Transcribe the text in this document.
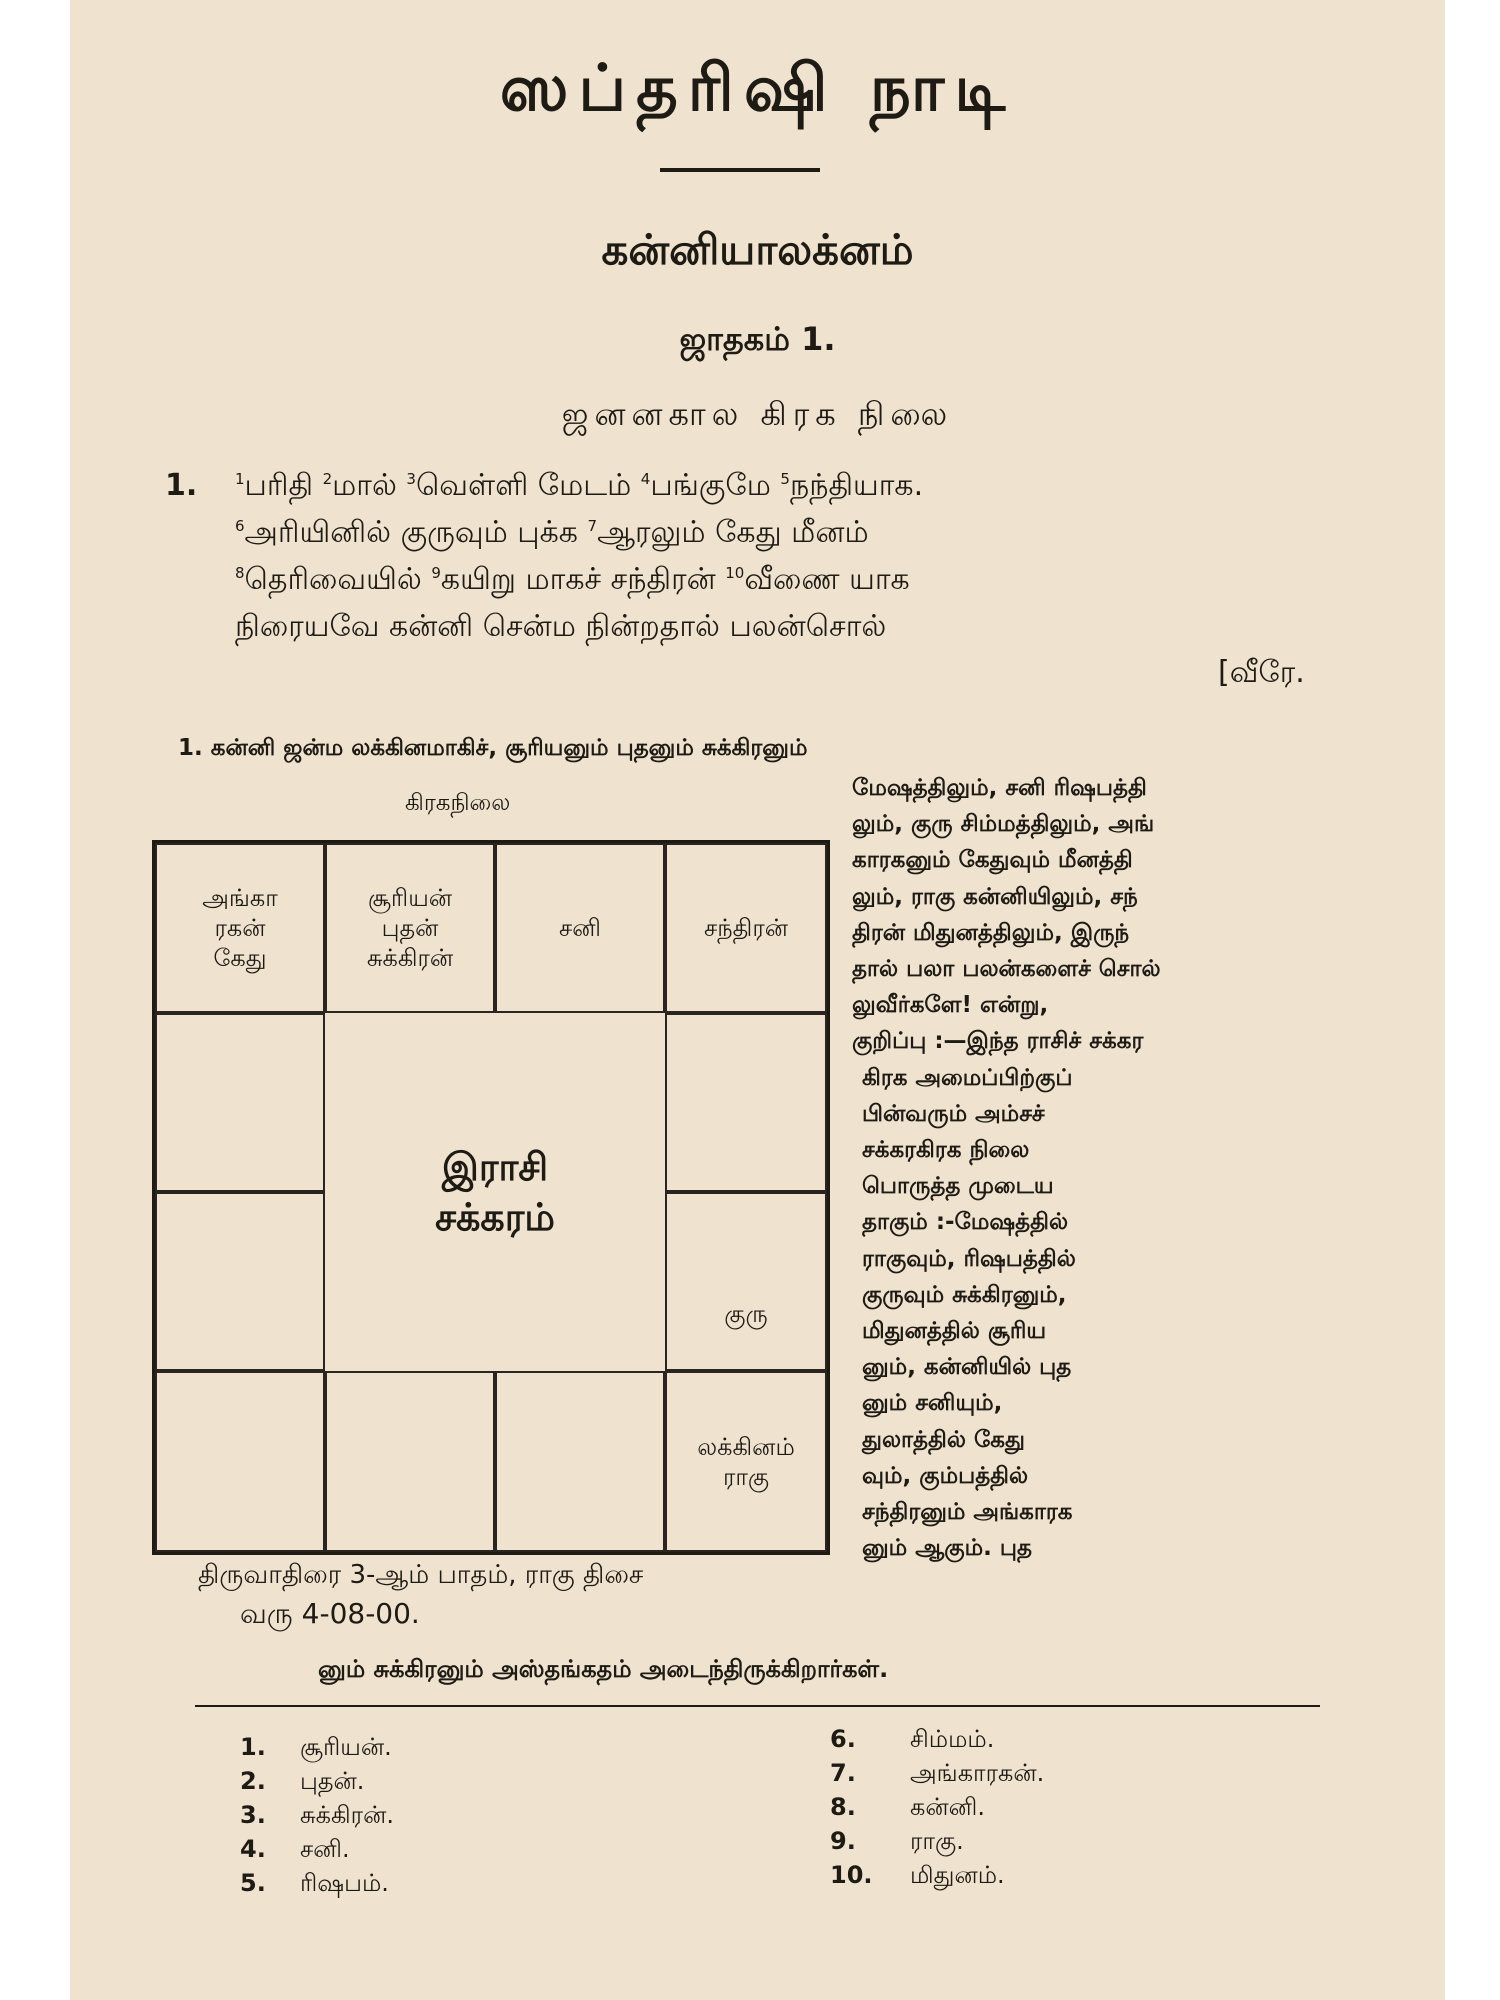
ஸப்தரிஷி நாடி
கன்னியாலக்னம்
ஜாதகம் 1.
ஜனனகால கிரக நிலை
1.	$^1$பரிதி $^2$மால் $^3$வெள்ளி மேடம் $^4$பங்குமே $^5$நந்தியாக.
$^6$அரியினில் குருவும் புக்க $^7$ஆரலும் கேது மீனம்
$^8$தெரிவையில் $^9$கயிறு மாகச் சந்திரன் $^{10}$வீணை யாக
நிரையவே கன்னி சென்ம நின்றதால் பலன்சொல்
[வீரே.
1. கன்னி ஜன்ம லக்கினமாகிச், சூரியனும் புதனும் சுக்கிரனும்
மேஷத்திலும், சனி ரிஷபத்தி
லும், குரு சிம்மத்திலும், அங்
காரகனும் கேதுவும் மீனத்தி
லும், ராகு கன்னியிலும், சந்
திரன் மிதுனத்திலும், இருந்
தால் பலா பலன்களைச் சொல்
லுவீர்களே! என்று,
குறிப்பு :—இந்த ராசிச் சக்கர
கிரக அமைப்பிற்குப்
பின்வரும் அம்சச்
சக்கரகிரக நிலை
பொருத்த முடைய
தாகும் :-மேஷத்தில்
ராகுவும், ரிஷபத்தில்
குருவும் சுக்கிரனும்,
மிதுனத்தில் சூரிய
னும், கன்னியில் புத
னும் சனியும்,
துலாத்தில் கேது
வும், கும்பத்தில்
சந்திரனும் அங்காரக
னும் ஆகும். புத
கிரகநிலை
அங்கா
ரகன்
கேது
சூரியன்
புதன்
சுக்கிரன்
சனி	சந்திரன்
குரு
லக்கினம்
ராகு
இராசி
சக்கரம்
திருவாதிரை 3-ஆம் பாதம், ராகு திசை
வரு 4-08-00.
னும் சுக்கிரனும் அஸ்தங்கதம் அடைந்திருக்கிறார்கள்.
1. சூரியன்.
2. புதன்.
3. சுக்கிரன்.
4. சனி.
5. ரிஷபம்.
6. சிம்மம்.
7. அங்காரகன்.
8. கன்னி.
9. ராகு.
10. மிதுனம்.
